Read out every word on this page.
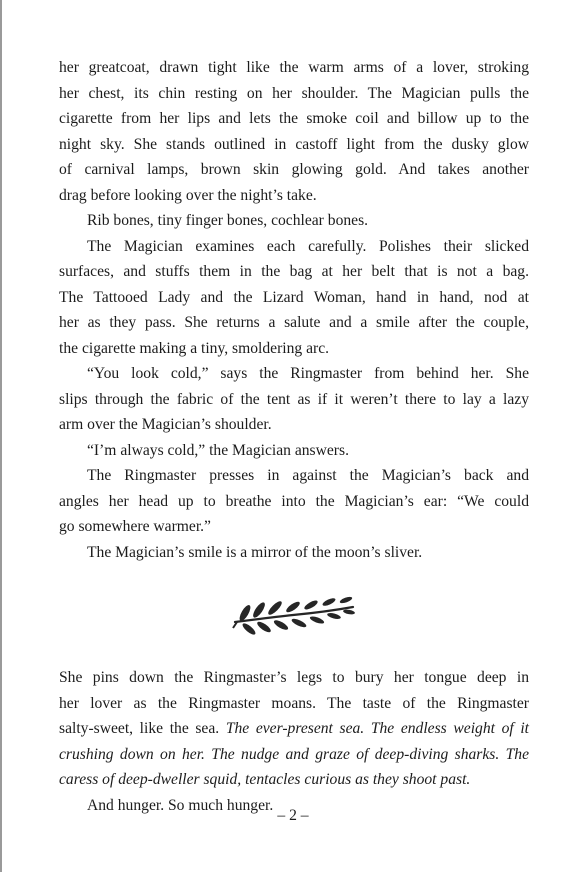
her greatcoat, drawn tight like the warm arms of a lover, stroking
her chest, its chin resting on her shoulder. The Magician pulls the
cigarette from her lips and lets the smoke coil and billow up to the
night sky. She stands outlined in castoff light from the dusky glow
of carnival lamps, brown skin glowing gold. And takes another
drag before looking over the night’s take.
Rib bones, tiny finger bones, cochlear bones.
The Magician examines each carefully. Polishes their slicked
surfaces, and stuffs them in the bag at her belt that is not a bag.
The Tattooed Lady and the Lizard Woman, hand in hand, nod at
her as they pass. She returns a salute and a smile after the couple,
the cigarette making a tiny, smoldering arc.
“You look cold,” says the Ringmaster from behind her. She
slips through the fabric of the tent as if it weren’t there to lay a lazy
arm over the Magician’s shoulder.
“I’m always cold,” the Magician answers.
The Ringmaster presses in against the Magician’s back and
angles her head up to breathe into the Magician’s ear: “We could
go somewhere warmer.”
The Magician’s smile is a mirror of the moon’s sliver.
She pins down the Ringmaster’s legs to bury her tongue deep in
her lover as the Ringmaster moans. The taste of the Ringmaster
salty-sweet, like the sea. The ever-present sea. The endless weight of it
crushing down on her. The nudge and graze of deep-diving sharks. The
caress of deep-dweller squid, tentacles curious as they shoot past.
And hunger. So much hunger.
– 2 –
